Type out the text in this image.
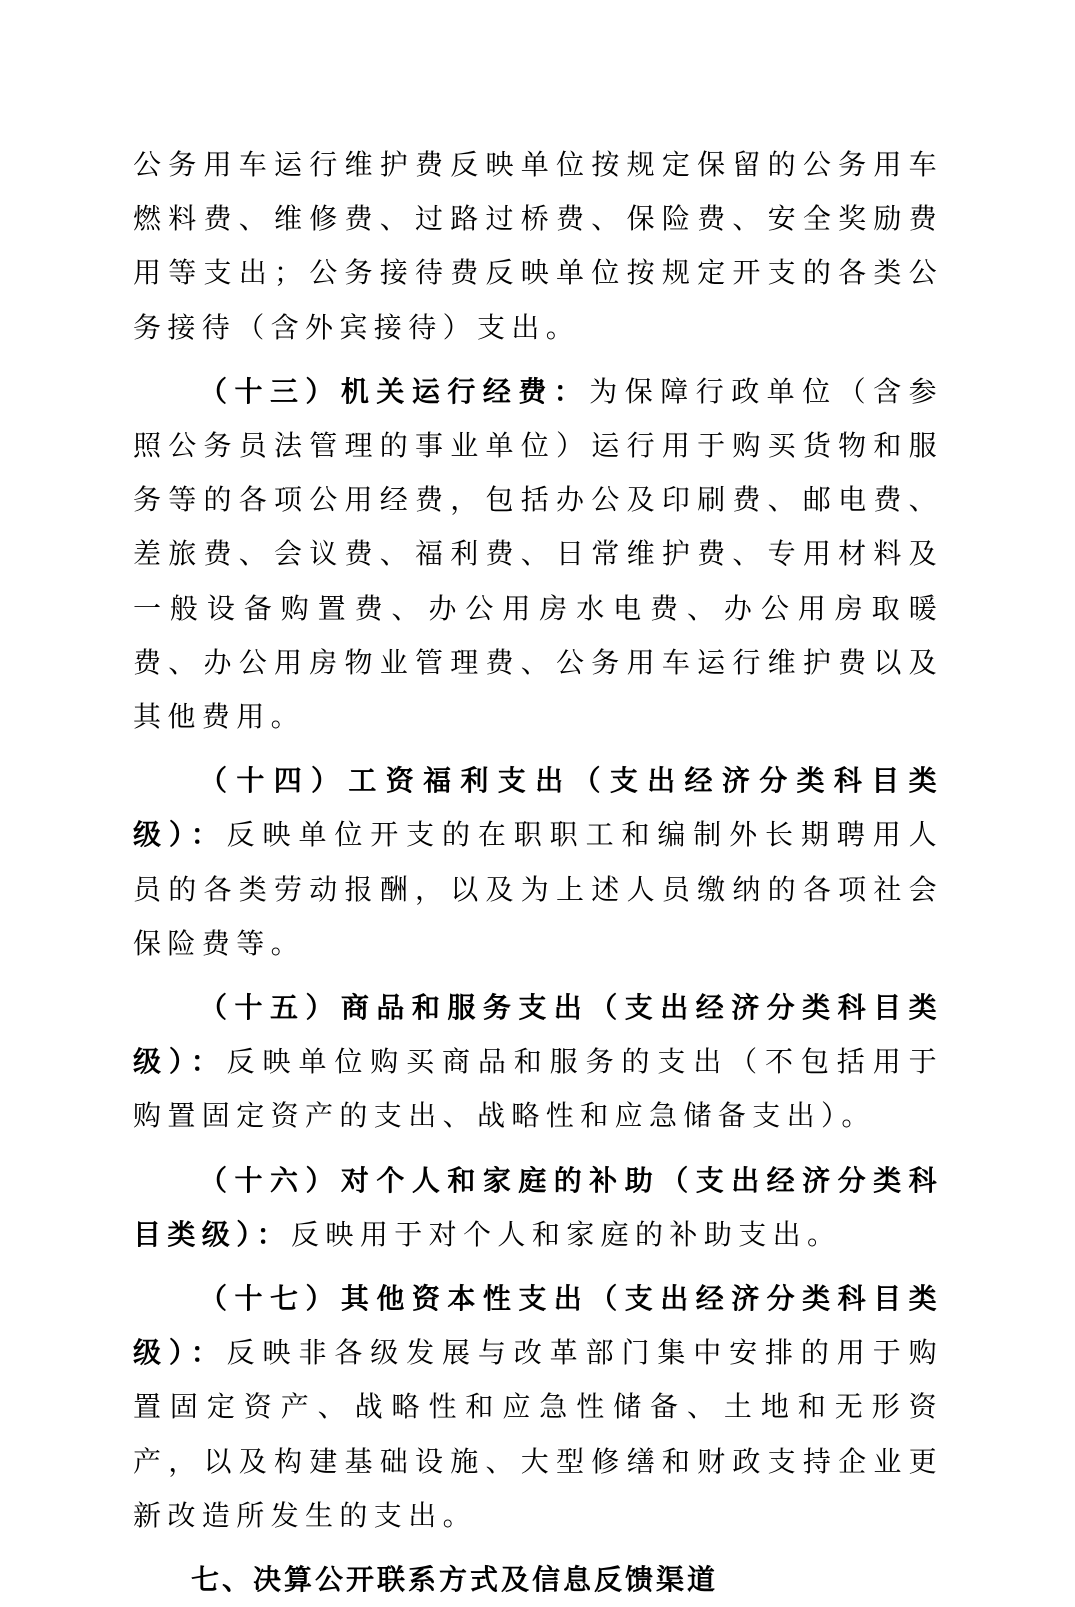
公务用车运行维护费反映单位按规定保留的公务用车燃料费、维修费、过路过桥费、保险费、安全奖励费用等支出；公务接待费反映单位按规定开支的各类公务接待（含外宾接待）支出。

（十三）机关运行经费：为保障行政单位（含参照公务员法管理的事业单位）运行用于购买货物和服务等的各项公用经费，包括办公及印刷费、邮电费、差旅费、会议费、福利费、日常维护费、专用材料及一般设备购置费、办公用房水电费、办公用房取暖费、办公用房物业管理费、公务用车运行维护费以及其他费用。

（十四）工资福利支出（支出经济分类科目类级）：反映单位开支的在职职工和编制外长期聘用人员的各类劳动报酬，以及为上述人员缴纳的各项社会保险费等。

（十五）商品和服务支出（支出经济分类科目类级）：反映单位购买商品和服务的支出（不包括用于购置固定资产的支出、战略性和应急储备支出）。

（十六）对个人和家庭的补助（支出经济分类科目类级）：反映用于对个人和家庭的补助支出。

（十七）其他资本性支出（支出经济分类科目类级）：反映非各级发展与改革部门集中安排的用于购置固定资产、战略性和应急性储备、土地和无形资产，以及构建基础设施、大型修缮和财政支持企业更新改造所发生的支出。

七、决算公开联系方式及信息反馈渠道
